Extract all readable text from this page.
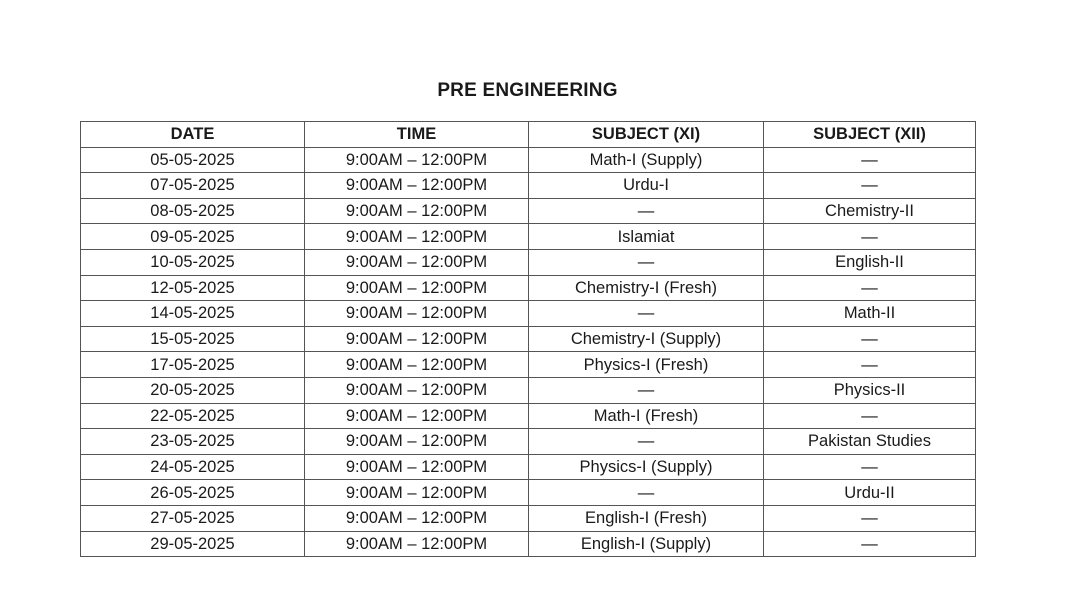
PRE ENGINEERING
DATE	TIME	SUBJECT (XI)	SUBJECT (XII)
05-05-2025	9:00AM – 12:00PM	Math-I (Supply)	—
07-05-2025	9:00AM – 12:00PM	Urdu-I	—
08-05-2025	9:00AM – 12:00PM	—	Chemistry-II
09-05-2025	9:00AM – 12:00PM	Islamiat	—
10-05-2025	9:00AM – 12:00PM	—	English-II
12-05-2025	9:00AM – 12:00PM	Chemistry-I (Fresh)	—
14-05-2025	9:00AM – 12:00PM	—	Math-II
15-05-2025	9:00AM – 12:00PM	Chemistry-I (Supply)	—
17-05-2025	9:00AM – 12:00PM	Physics-I (Fresh)	—
20-05-2025	9:00AM – 12:00PM	—	Physics-II
22-05-2025	9:00AM – 12:00PM	Math-I (Fresh)	—
23-05-2025	9:00AM – 12:00PM	—	Pakistan Studies
24-05-2025	9:00AM – 12:00PM	Physics-I (Supply)	—
26-05-2025	9:00AM – 12:00PM	—	Urdu-II
27-05-2025	9:00AM – 12:00PM	English-I (Fresh)	—
29-05-2025	9:00AM – 12:00PM	English-I (Supply)	—
